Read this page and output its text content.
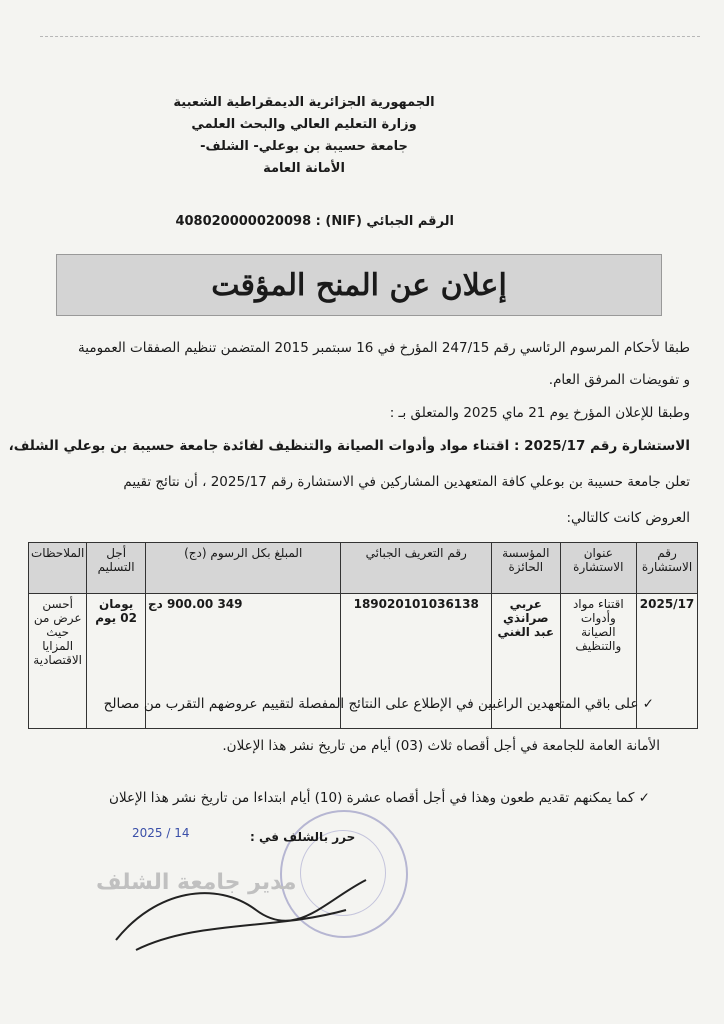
الجمهورية الجزائرية الديمقراطية الشعبية
وزارة التعليم العالي والبحث العلمي
جامعة حسيبة بن بوعلي- الشلف-
الأمانة العامة
الرقم الجبائي (NIF) : 408020000020098
إعلان عن المنح المؤقت
طبقا لأحكام المرسوم الرئاسي رقم 247/15 المؤرخ في 16 سبتمبر 2015 المتضمن تنظيم الصفقات العمومية
و تفويضات المرفق العام.
وطبقا للإعلان المؤرخ يوم 21 ماي 2025 والمتعلق بـ :
الاستشارة رقم 2025/17 : اقتناء مواد وأدوات الصيانة والتنظيف لفائدة جامعة حسيبة بن بوعلي الشلف،
تعلن جامعة حسيبة بن بوعلي كافة المتعهدين المشاركين في الاستشارة رقم 2025/17 ، أن نتائج تقييم
العروض كانت كالتالي:
رقم الاستشارة	عنوان الاستشارة	المؤسسة الحائزة	رقم التعريف الجبائي	المبلغ بكل الرسوم (دج)	أجل التسليم	الملاحظات
2025/17	اقتناء مواد وأدوات الصيانة والتنظيف	عربي صرانذي عبد الغني	189020101036138	349 900.00 دج	يومان 02 يوم	أحسن عرض من حيث المزايا الاقتصادية
✓ على باقي المتعهدين الراغبين في الإطلاع على النتائج المفصلة لتقييم عروضهم التقرب من مصالح
الأمانة العامة للجامعة في أجل أقصاه ثلاث (03) أيام من تاريخ نشر هذا الإعلان.
✓ كما يمكنهم تقديم طعون وهذا في أجل أقصاه عشرة (10) أيام ابتداءا من تاريخ نشر هذا الإعلان
حرر بالشلف في :
2025 / 14
مدير جامعة الشلف
